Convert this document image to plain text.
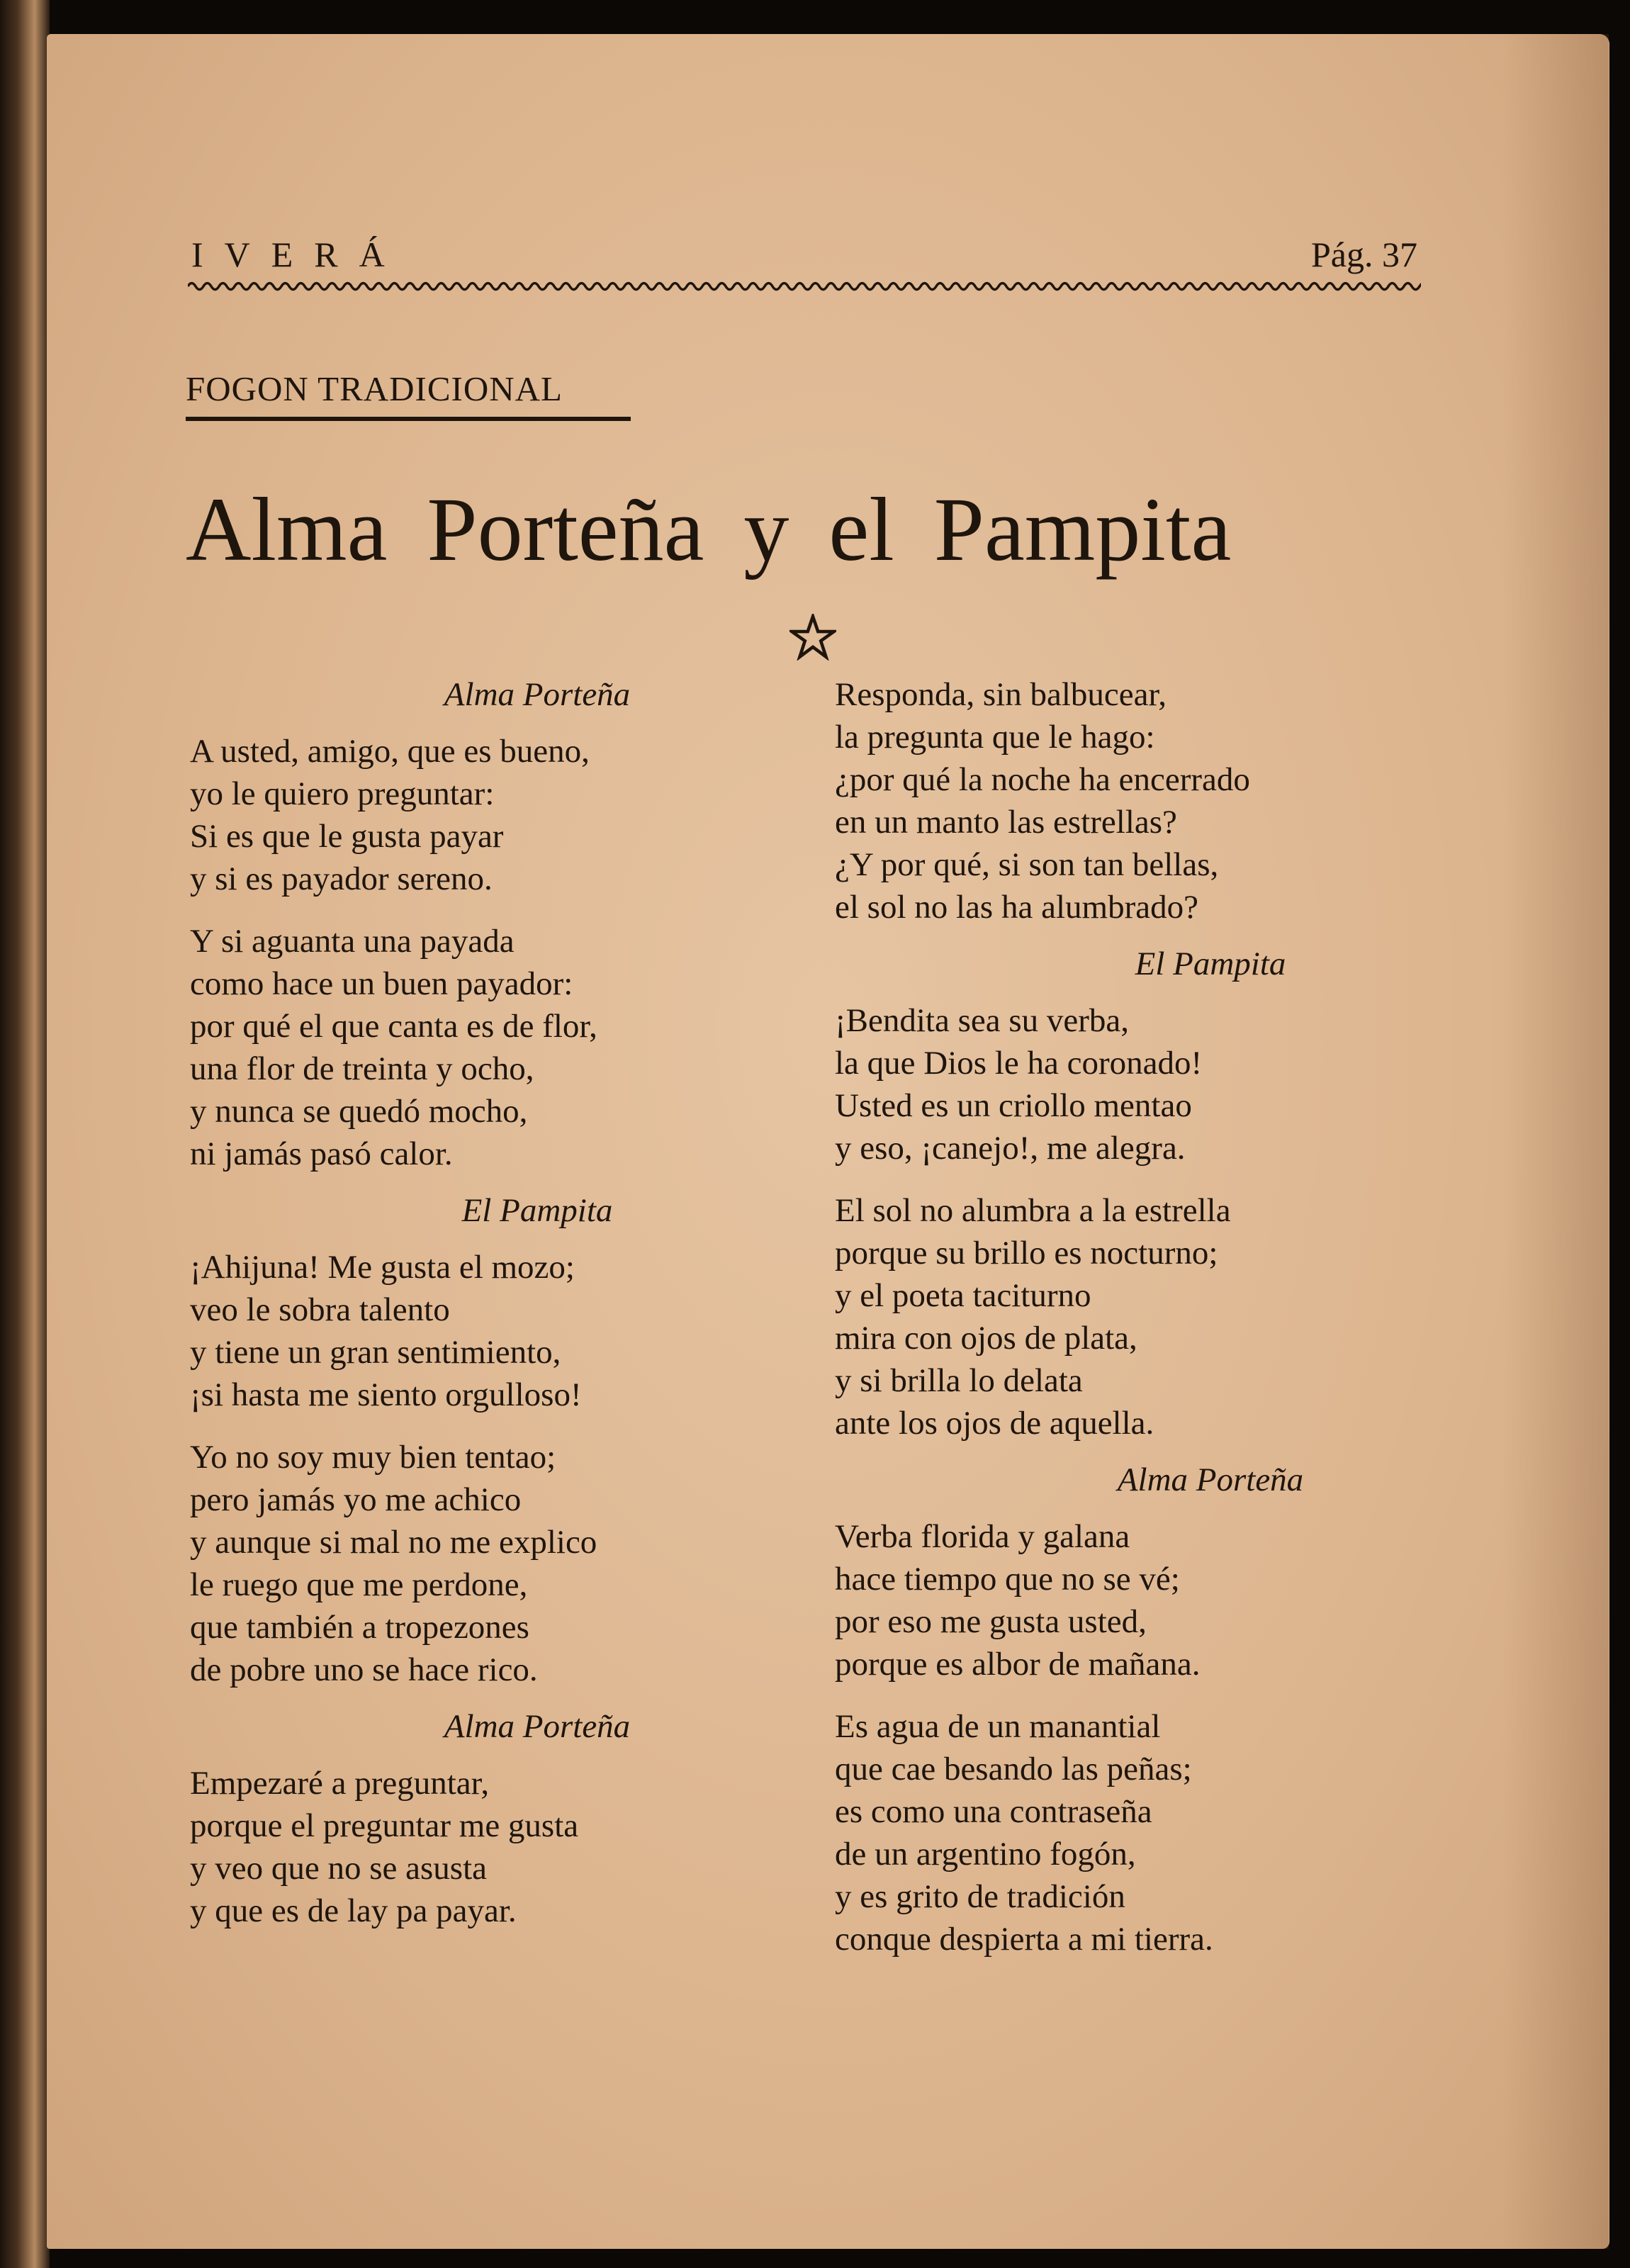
IVERÁ	Pág. 37
FOGON TRADICIONAL
Alma Porteña y el Pampita

Alma Porteña

A usted, amigo, que es bueno,
yo le quiero preguntar:
Si es que le gusta payar
y si es payador sereno.
Y si aguanta una payada
como hace un buen payador:
por qué el que canta es de flor,
una flor de treinta y ocho,
y nunca se quedó mocho,
ni jamás pasó calor.

El Pampita

¡Ahijuna! Me gusta el mozo;
veo le sobra talento
y tiene un gran sentimiento,
¡si hasta me siento orgulloso!
Yo no soy muy bien tentao;
pero jamás yo me achico
y aunque si mal no me explico
le ruego que me perdone,
que también a tropezones
de pobre uno se hace rico.

Alma Porteña

Empezaré a preguntar,
porque el preguntar me gusta
y veo que no se asusta
y que es de lay pa payar.
Responda, sin balbucear,
la pregunta que le hago:
¿por qué la noche ha encerrado
en un manto las estrellas?
¿Y por qué, si son tan bellas,
el sol no las ha alumbrado?

El Pampita

¡Bendita sea su verba,
la que Dios le ha coronado!
Usted es un criollo mentao
y eso, ¡canejo!, me alegra.
El sol no alumbra a la estrella
porque su brillo es nocturno;
y el poeta taciturno
mira con ojos de plata,
y si brilla lo delata
ante los ojos de aquella.

Alma Porteña

Verba florida y galana
hace tiempo que no se vé;
por eso me gusta usted,
porque es albor de mañana.
Es agua de un manantial
que cae besando las peñas;
es como una contraseña
de un argentino fogón,
y es grito de tradición
conque despierta a mi tierra.
